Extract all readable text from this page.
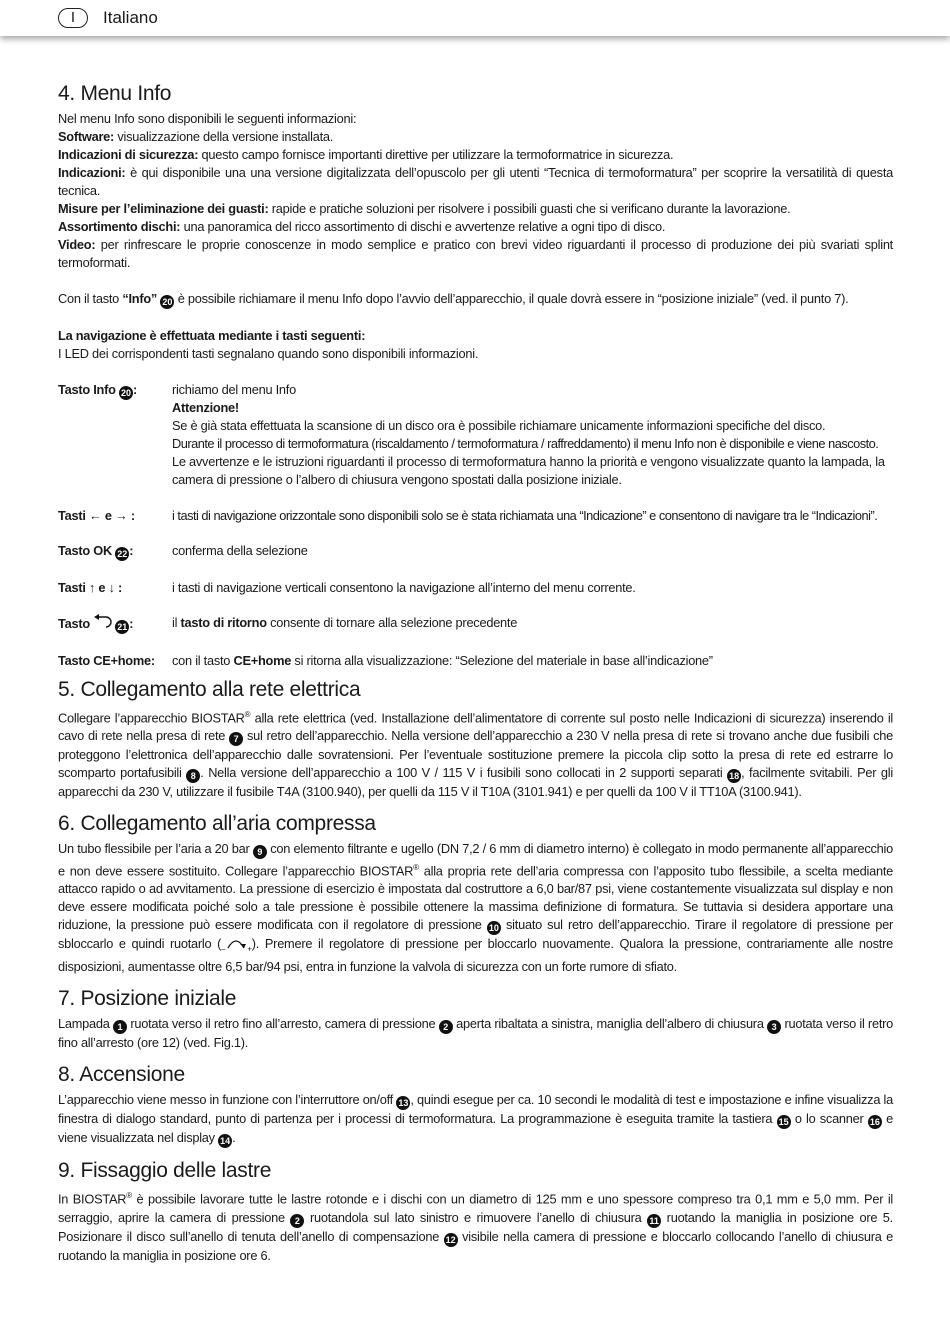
I	Italiano
4. Menu Info

Nel menu Info sono disponibili le seguenti informazioni:

Software: visualizzazione della versione installata.

Indicazioni di sicurezza: questo campo fornisce importanti direttive per utilizzare la termoformatrice in sicurezza.

Indicazioni: è qui disponibile una una versione digitalizzata dell’opuscolo per gli utenti “Tecnica di termoformatura” per scoprire la versatilità di questa tecnica.

Misure per l’eliminazione dei guasti: rapide e pratiche soluzioni per risolvere i possibili guasti che si verificano durante la lavorazione.

Assortimento dischi: una panoramica del ricco assortimento di dischi e avvertenze relative a ogni tipo di disco.

Video: per rinfrescare le proprie conoscenze in modo semplice e pratico con brevi video riguardanti il processo di produzione dei più svariati splint termoformati.

Con il tasto “Info” 20 è possibile richiamare il menu Info dopo l’avvio dell’apparecchio, il quale dovrà essere in “posizione iniziale” (ved. il punto 7).

La navigazione è effettuata mediante i tasti seguenti:

I LED dei corrispondenti tasti segnalano quando sono disponibili informazioni.

Tasto Info 20 :	richiamo del menu Info
Attenzione!
Se è già stata effettuata la scansione di un disco ora è possibile richiamare unicamente informazioni specifiche del disco.
Durante il processo di termoformatura (riscaldamento / termoformatura / raffreddamento) il menu Info non è disponibile e viene nascosto.
Le avvertenze e le istruzioni riguardanti il processo di termoformatura hanno la priorità e vengono visualizzate quanto la lampada, la camera di pressione o l’albero di chiusura vengono spostati dalla posizione iniziale.
Tasti ← e → :	i tasti di navigazione orizzontale sono disponibili solo se è stata richiamata una “Indicazione” e consentono di navigare tra le “Indicazioni”.
Tasto OK 22 :	conferma della selezione
Tasti ↑ e ↓ :	i tasti di navigazione verticali consentono la navigazione all’interno del menu corrente.
Tasto	21 :	il tasto di ritorno consente di tornare alla selezione precedente
Tasto CE+home:	con il tasto CE+home si ritorna alla visualizzazione: “Selezione del materiale in base all’indicazione”
5. Collegamento alla rete elettrica

Collegare l’apparecchio BIOSTAR® alla rete elettrica (ved. Installazione dell’alimentatore di corrente sul posto nelle Indicazioni di sicurezza) inserendo il cavo di rete nella presa di rete 7 sul retro dell’apparecchio. Nella versione dell’apparecchio a 230 V nella presa di rete si trovano anche due fusibili che proteggono l’elettronica dell’apparecchio dalle sovratensioni. Per l’eventuale sostituzione premere la piccola clip sotto la presa di rete ed estrarre lo scomparto portafusibili 8 . Nella versione dell’apparecchio a 100 V / 115 V i fusibili sono collocati in 2 supporti separati 18 , facilmente svitabili. Per gli apparecchi da 230 V, utilizzare il fusibile T4A (3100.940), per quelli da 115 V il T10A (3101.941) e per quelli da 100 V il TT10A (3100.941).

6. Collegamento all’aria compressa

Un tubo flessibile per l’aria a 20 bar 9 con elemento filtrante e ugello (DN 7,2 / 6 mm di diametro interno) è collegato in modo permanente all’apparecchio e non deve essere sostituito. Collegare l’apparecchio BIOSTAR® alla propria rete dell’aria compressa con l’apposito tubo flessibile, a scelta mediante attacco rapido o ad avvitamento. La pressione di esercizio è impostata dal costruttore a 6,0 bar/87 psi, viene costantemente visualizzata sul display e non deve essere modificata poiché solo a tale pressione è possibile ottenere la massima definizione di formatura. Se tuttavia si desidera apportare una riduzione, la pressione può essere modificata con il regolatore di pressione 10 situato sul retro dell’apparecchio. Tirare il regolatore di pressione per sbloccarlo e quindi ruotarlo ($_-$	$_+$). Premere il regolatore di pressione per bloccarlo nuovamente. Qualora la pressione, contrariamente alle nostre disposizioni, aumentasse oltre 6,5 bar/94 psi, entra in funzione la valvola di sicurezza con un forte rumore di sfiato.

7. Posizione iniziale

Lampada 1 ruotata verso il retro fino all’arresto, camera di pressione 2 aperta ribaltata a sinistra, maniglia dell’albero di chiusura 3 ruotata verso il retro fino all’arresto (ore 12) (ved. Fig.1).

8. Accensione

L’apparecchio viene messo in funzione con l’interruttore on/off 13 , quindi esegue per ca. 10 secondi le modalità di test e impostazione e infine visualizza la finestra di dialogo standard, punto di partenza per i processi di termoformatura. La programmazione è eseguita tramite la tastiera 15 o lo scanner 16 e viene visualizzata nel display 14 .

9. Fissaggio delle lastre

In BIOSTAR® è possibile lavorare tutte le lastre rotonde e i dischi con un diametro di 125 mm e uno spessore compreso tra 0,1 mm e 5,0 mm. Per il serraggio, aprire la camera di pressione 2 ruotandola sul lato sinistro e rimuovere l’anello di chiusura 11 ruotando la maniglia in posizione ore 5. Posizionare il disco sull’anello di tenuta dell’anello di compensazione 12 visibile nella camera di pressione e bloccarlo collocando l’anello di chiusura e ruotando la maniglia in posizione ore 6.
